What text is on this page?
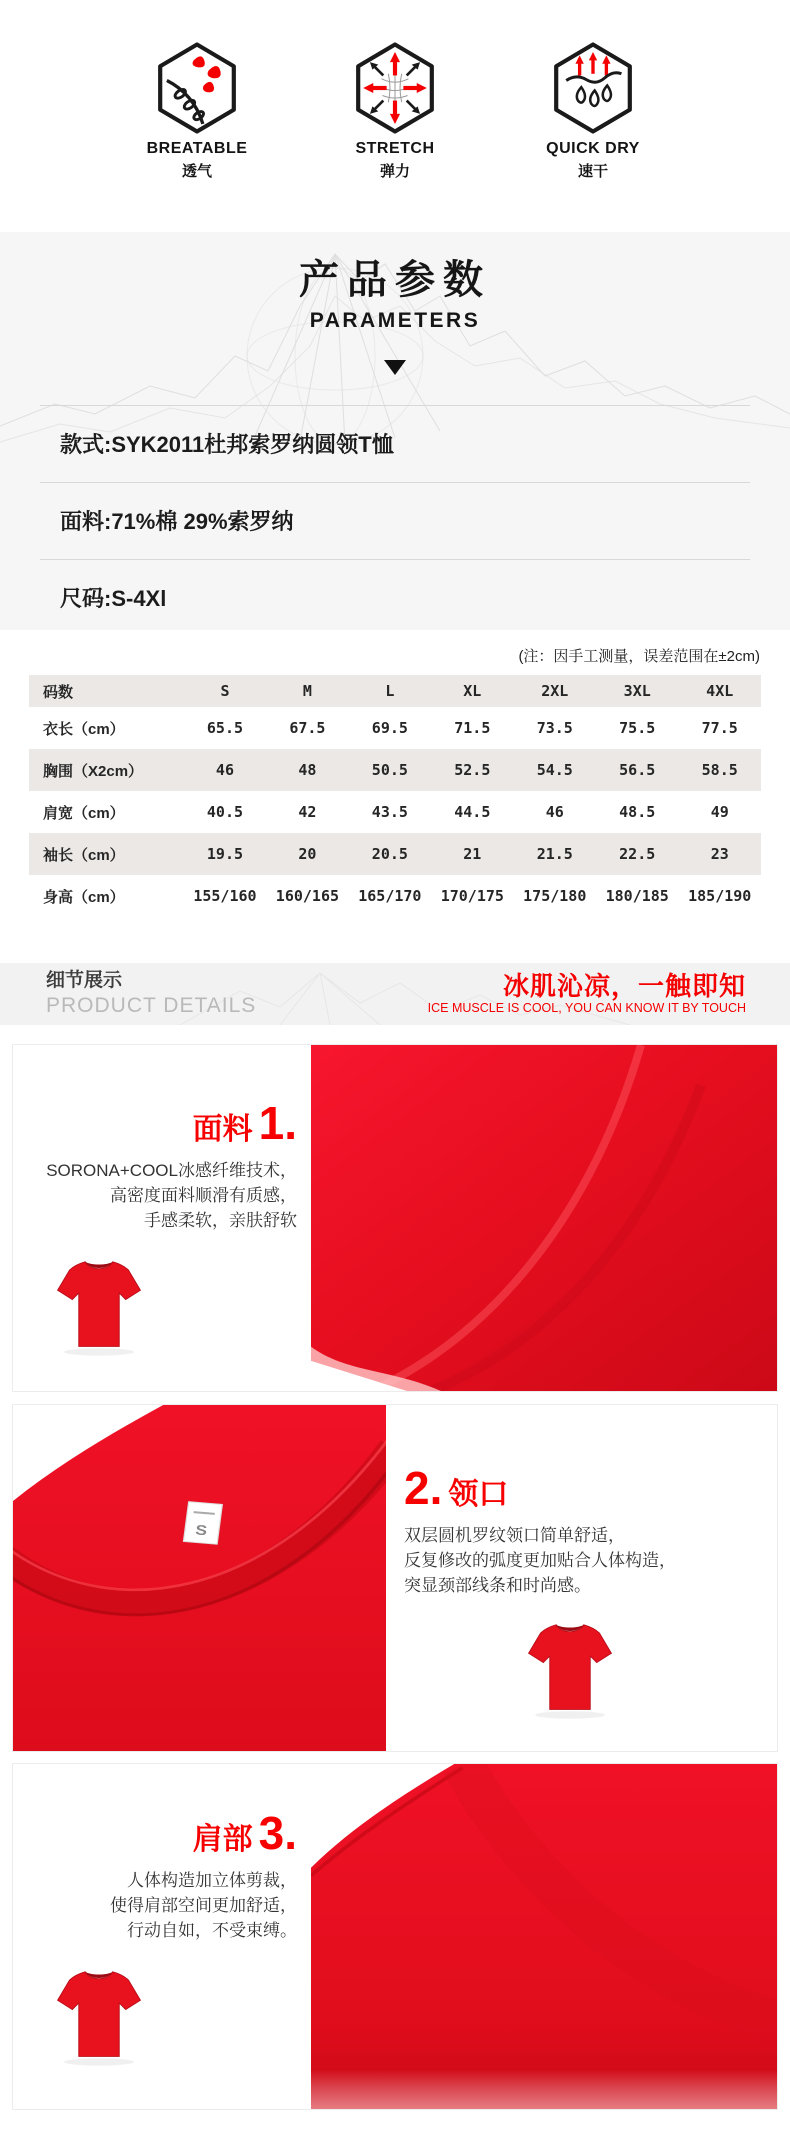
BREATABLE
透气
STRETCH
弹力
QUICK DRY
速干
产品参数
PARAMETERS
款式:SYK2011杜邦索罗纳圆领T恤
面料:71%棉 29%索罗纳
尺码:S-4Xl
(注：因手工测量，误差范围在±2cm)
码数	S	M	L	XL	2XL	3XL	4XL
衣长（cm）	65.5	67.5	69.5	71.5	73.5	75.5	77.5
胸围（X2cm）	46	48	50.5	52.5	54.5	56.5	58.5
肩宽（cm）	40.5	42	43.5	44.5	46	48.5	49
袖长（cm）	19.5	20	20.5	21	21.5	22.5	23
身高（cm）	155/160	160/165	165/170	170/175	175/180	180/185	185/190
细节展示
PRODUCT DETAILS
冰肌沁凉，一触即知
ICE MUSCLE IS COOL, YOU CAN KNOW IT BY TOUCH
面料 1.
SORONA+COOL冰感纤维技术，
高密度面料顺滑有质感，
手感柔软，亲肤舒软
S
2. 领口
双层圆机罗纹领口简单舒适，
反复修改的弧度更加贴合人体构造，
突显颈部线条和时尚感。
肩部 3.
人体构造加立体剪裁，
使得肩部空间更加舒适，
行动自如，不受束缚。
